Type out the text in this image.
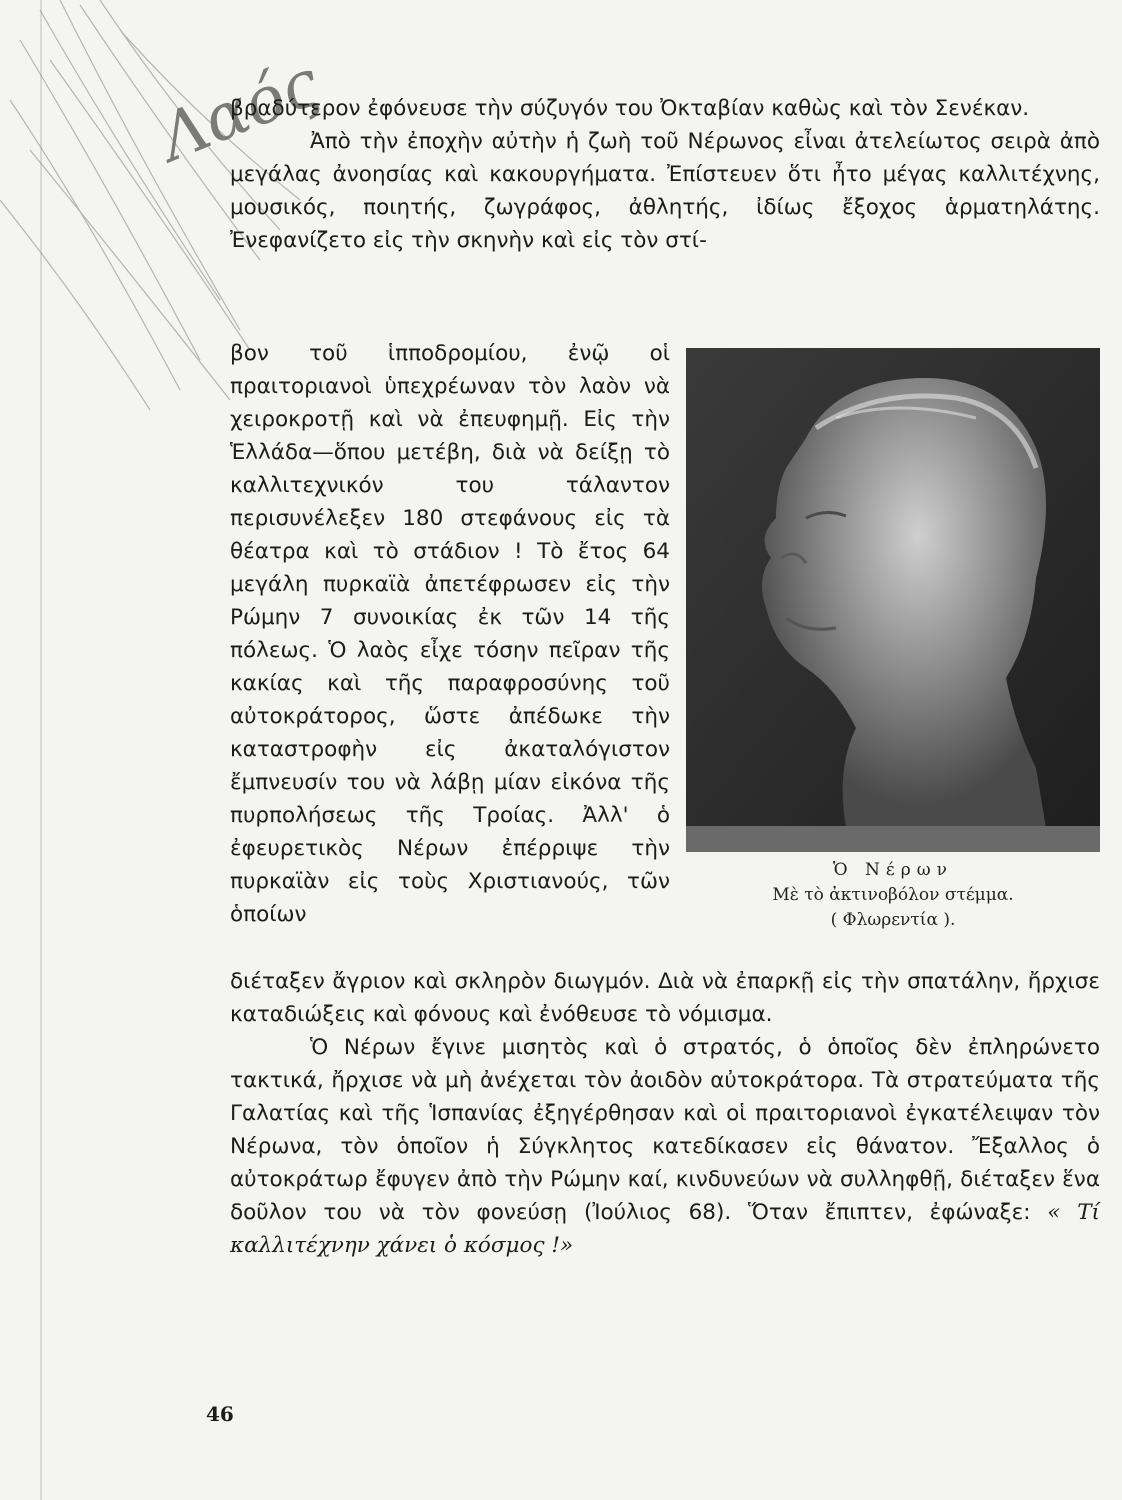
Λαός

βραδύτερον ἐφόνευσε τὴν σύζυγόν του Ὀκταβίαν καθὼς καὶ τὸν Σενέκαν.

Ἀπὸ τὴν ἐποχὴν αὐτὴν ἡ ζωὴ τοῦ Νέρωνος εἶναι ἀτελείωτος σειρὰ ἀπὸ μεγάλας ἀνοησίας καὶ κακουργήματα. Ἐπίστευεν ὅτι ἦτο μέγας καλλιτέχνης, μουσικός, ποιητής, ζωγράφος, ἀθλητής, ἰδίως ἔξοχος ἁρματηλάτης. Ἐνεφανίζετο εἰς τὴν σκηνὴν καὶ εἰς τὸν στί-

βον τοῦ ἱπποδρομίου, ἐνῷ οἱ πραιτοριανοὶ ὑπεχρέωναν τὸν λαὸν νὰ χειροκροτῇ καὶ νὰ ἐπευφημῇ. Εἰς τὴν Ἑλλάδα—ὅπου μετέβη, διὰ νὰ δείξῃ τὸ καλλιτεχνικόν του τάλαντον περισυνέλεξεν 180 στεφάνους εἰς τὰ θέατρα καὶ τὸ στάδιον ! Τὸ ἔτος 64 μεγάλη πυρκαϊὰ ἀπετέφρωσεν εἰς τὴν Ρώμην 7 συνοικίας ἐκ τῶν 14 τῆς πόλεως. Ὁ λαὸς εἶχε τόσην πεῖραν τῆς κακίας καὶ τῆς παραφροσύνης τοῦ αὐτοκράτορος, ὥστε ἀπέδωκε τὴν καταστροφὴν εἰς ἀκαταλόγιστον ἔμπνευσίν του νὰ λάβῃ μίαν εἰκόνα τῆς πυρπολήσεως τῆς Τροίας. Ἀλλ' ὁ ἐφευρετικὸς Νέρων ἐπέρριψε τὴν πυρκαϊὰν εἰς τοὺς Χριστιανούς, τῶν ὁποίων

Ὁ Νέρων
Μὲ τὸ ἀκτινοβόλον στέμμα.
( Φλωρεντία ).

διέταξεν ἄγριον καὶ σκληρὸν διωγμόν. Διὰ νὰ ἐπαρκῇ εἰς τὴν σπατάλην, ἤρχισε καταδιώξεις καὶ φόνους καὶ ἐνόθευσε τὸ νόμισμα.

Ὁ Νέρων ἔγινε μισητὸς καὶ ὁ στρατός, ὁ ὁποῖος δὲν ἐπληρώνετο τακτικά, ἤρχισε νὰ μὴ ἀνέχεται τὸν ἀοιδὸν αὐτοκράτορα. Τὰ στρατεύματα τῆς Γαλατίας καὶ τῆς Ἱσπανίας ἐξηγέρθησαν καὶ οἱ πραιτοριανοὶ ἐγκατέλειψαν τὸν Νέρωνα, τὸν ὁποῖον ἡ Σύγκλητος κατεδίκασεν εἰς θάνατον. Ἔξαλλος ὁ αὐτοκράτωρ ἔφυγεν ἀπὸ τὴν Ρώμην καί, κινδυνεύων νὰ συλληφθῇ, διέταξεν ἕνα δοῦλον του νὰ τὸν φονεύσῃ (Ἰούλιος 68). Ὅταν ἔπιπτεν, ἐφώναξε: « Τί καλλιτέχνην χάνει ὁ κόσμος !»

46
